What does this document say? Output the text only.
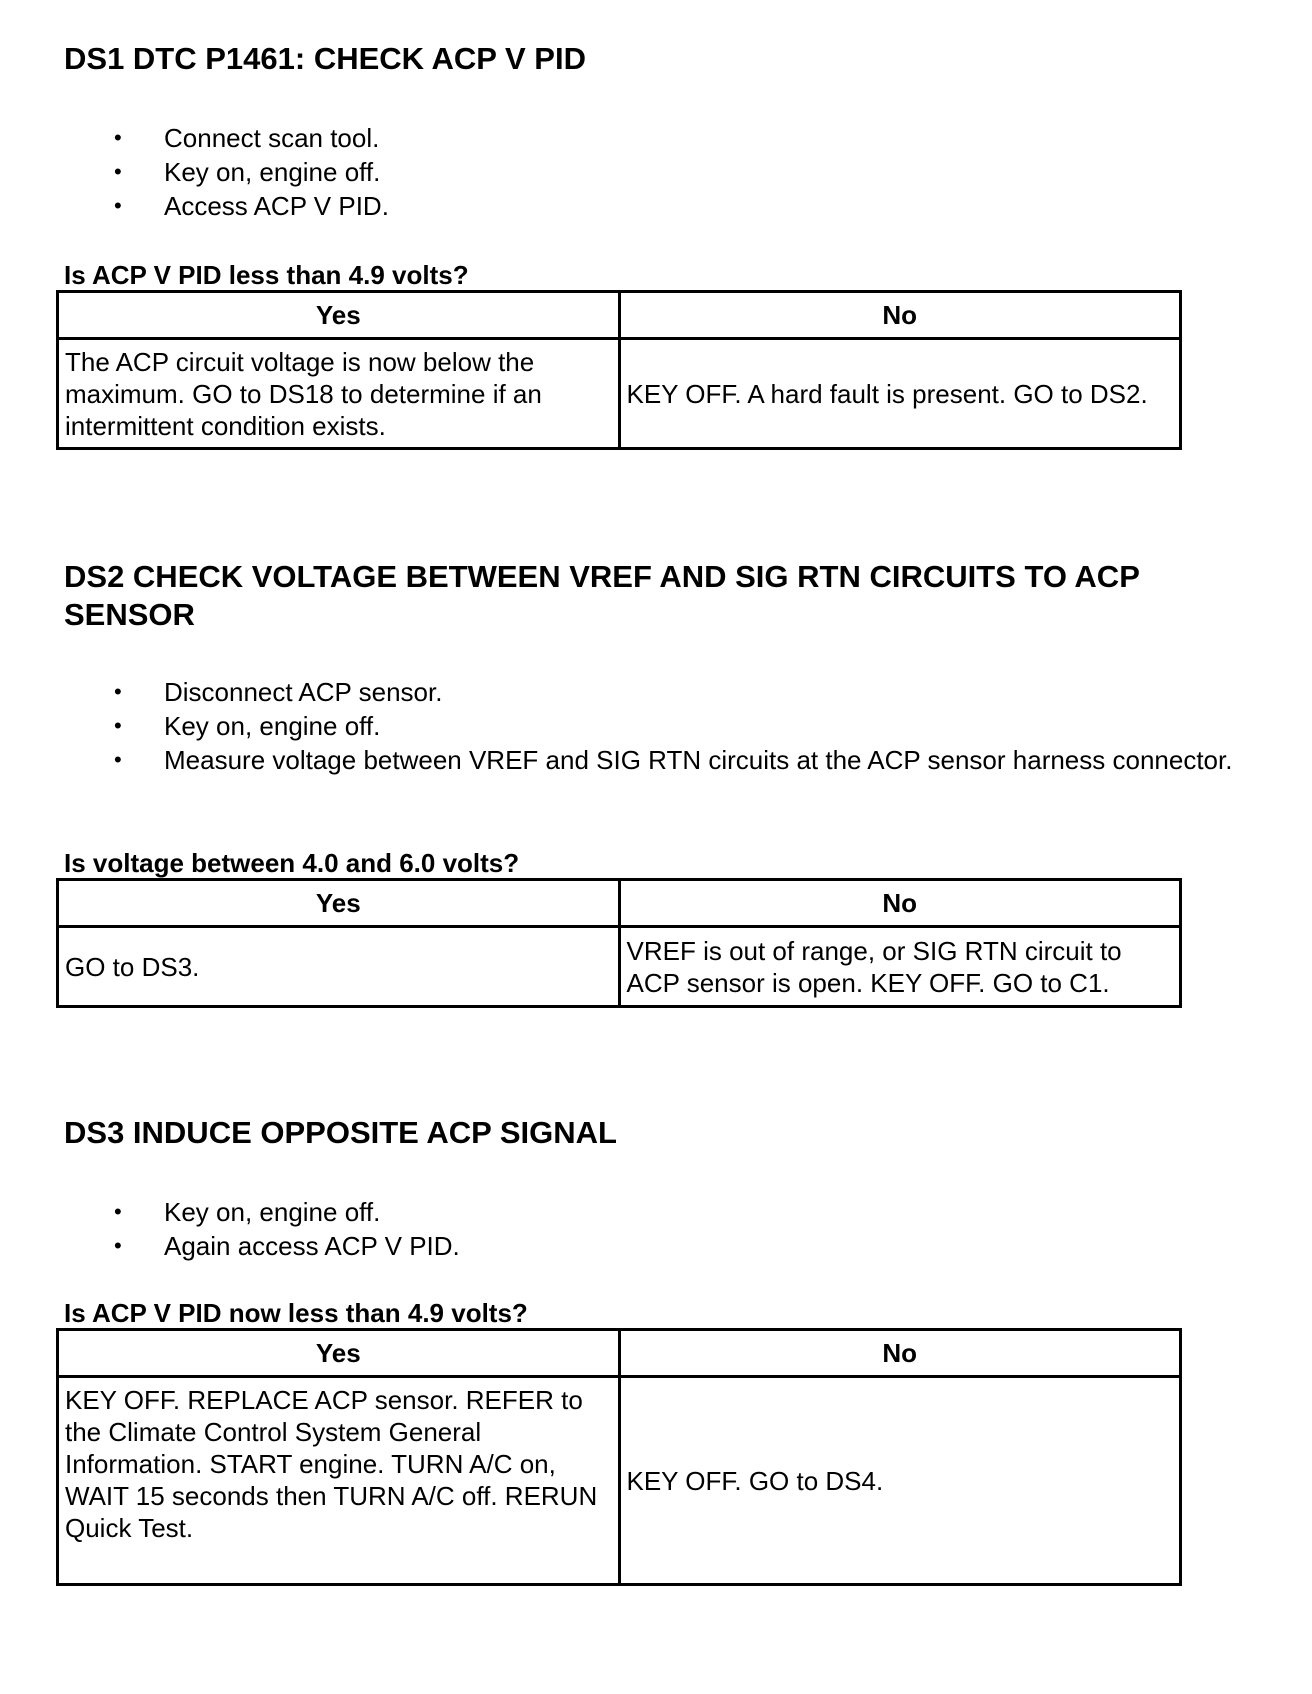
DS1 DTC P1461: CHECK ACP V PID
•	Connect scan tool.
•	Key on, engine off.
•	Access ACP V PID.

Is ACP V PID less than 4.9 volts?

Yes	No
The ACP circuit voltage is now below the maximum. GO to DS18 to determine if an intermittent condition exists.	KEY OFF. A hard fault is present. GO to DS2.
DS2 CHECK VOLTAGE BETWEEN VREF AND SIG RTN CIRCUITS TO ACP SENSOR
•	Disconnect ACP sensor.
•	Key on, engine off.
•	Measure voltage between VREF and SIG RTN circuits at the ACP sensor harness connector.

Is voltage between 4.0 and 6.0 volts?

Yes	No
GO to DS3.	VREF is out of range, or SIG RTN circuit to ACP sensor is open. KEY OFF. GO to C1.
DS3 INDUCE OPPOSITE ACP SIGNAL
•	Key on, engine off.
•	Again access ACP V PID.

Is ACP V PID now less than 4.9 volts?

Yes	No
KEY OFF. REPLACE ACP sensor. REFER to the Climate Control System General Information. START engine. TURN A/C on, WAIT 15 seconds then TURN A/C off. RERUN Quick Test.	KEY OFF. GO to DS4.
